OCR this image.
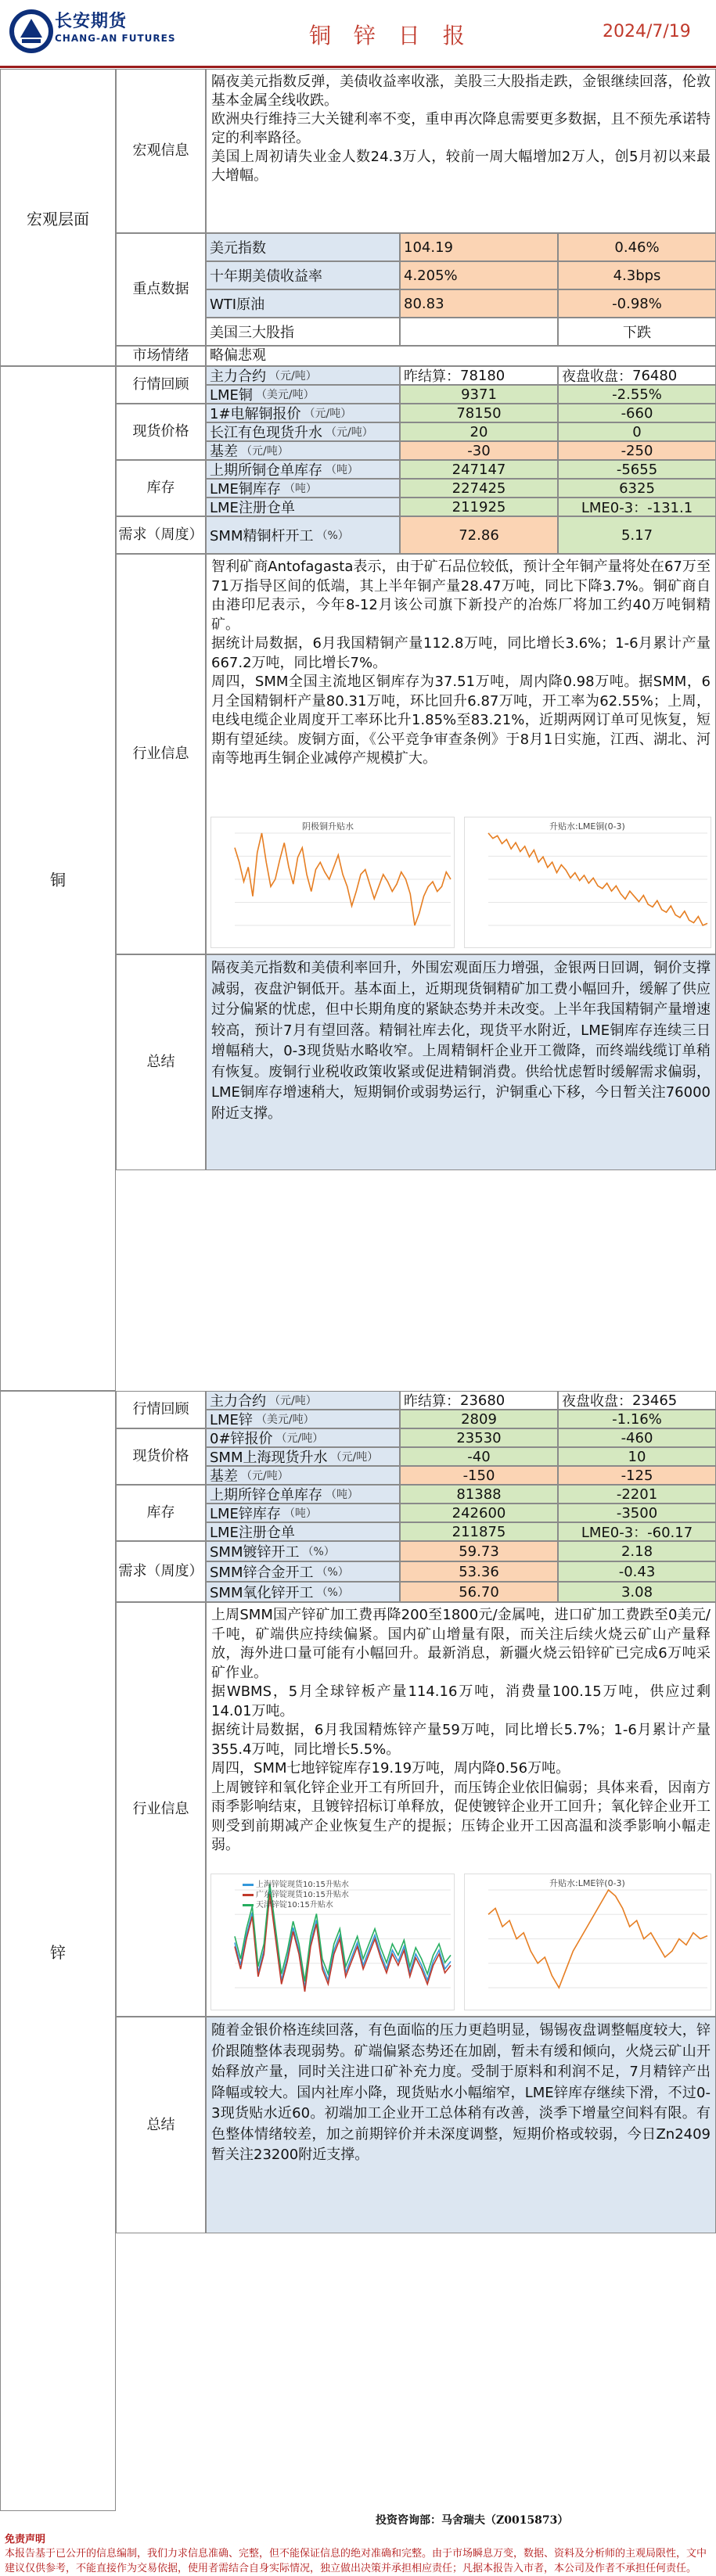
长安期货
CHANG-AN FUTURES	铜 锌 日 报	2024/7/19
宏观层面
宏观信息
隔夜美元指数反弹，美债收益率收涨，美股三大股指走跌，金银继续回落，伦敦基本金属全线收跌。
欧洲央行维持三大关键利率不变，重申再次降息需要更多数据，且不预先承诺特定的利率路径。
美国上周初请失业金人数24.3万人，较前一周大幅增加2万人，创5月初以来最大增幅。
重点数据
美元指数	104.19	0.46%
十年期美债收益率	4.205%	4.3bps
WTI原油	80.83	-0.98%
美国三大股指	下跌
市场情绪	略偏悲观
铜
行情回顾	主力合约 （元/吨）	昨结算： 78180	夜盘收盘： 76480
LME铜 （美元/吨）	9371	-2.55%
现货价格
1#电解铜报价 （元/吨）	78150	-660
长江有色现货升水 （元/吨）	20	0
基差 （元/吨）	-30	-250
库存
上期所铜仓单库存 （吨）	247147	-5655
LME铜库存 （吨）	227425	6325
LME注册仓单	211925	LME0-3：-131.1
需求（周度） SMM精铜杆开工 （%）	72.86	5.17
行业信息
智利矿商Antofagasta表示，由于矿石品位较低，预计全年铜产量将处在67万至71万指导区间的低端，其上半年铜产量28.47万吨，同比下降3.7%。铜矿商自由港印尼表示，今年8-12月该公司旗下新投产的冶炼厂将加工约40万吨铜精矿。
据统计局数据，6月我国精铜产量112.8万吨，同比增长3.6%；1-6月累计产量667.2万吨，同比增长7%。
周四，SMM全国主流地区铜库存为37.51万吨，周内降0.98万吨。据SMM，6月全国精铜杆产量80.31万吨，环比回升6.87万吨，开工率为62.55%；上周，电线电缆企业周度开工率环比升1.85%至83.21%，近期两网订单可见恢复，短期有望延续。废铜方面，《公平竞争审查条例》于8月1日实施，江西、湖北、河南等地再生铜企业减停产规模扩大。
阴极铜升贴水	升贴水:LME铜(0-3)
总结
隔夜美元指数和美债利率回升，外围宏观面压力增强，金银两日回调，铜价支撑减弱，夜盘沪铜低开。基本面上，近期现货铜精矿加工费小幅回升，缓解了供应过分偏紧的忧虑，但中长期角度的紧缺态势并未改变。上半年我国精铜产量增速较高，预计7月有望回落。精铜社库去化，现货平水附近，LME铜库存连续三日增幅稍大，0-3现货贴水略收窄。上周精铜杆企业开工微降，而终端线缆订单稍有恢复。废铜行业税收政策收紧或促进精铜消费。供给忧虑暂时缓解需求偏弱，LME铜库存增速稍大，短期铜价或弱势运行，沪铜重心下移，今日暂关注76000附近支撑。
锌
行情回顾	主力合约 （元/吨）	昨结算： 23680	夜盘收盘： 23465
LME锌 （美元/吨）	2809	-1.16%
现货价格
0#锌报价 （元/吨）	23530	-460
SMM上海现货升水 （元/吨）	-40	10
基差 （元/吨）	-150	-125
库存
上期所锌仓单库存 （吨）	81388	-2201
LME锌库存 （吨）	242600	-3500
LME注册仓单	211875	LME0-3：-60.17
需求（周度）
SMM镀锌开工 （%）	59.73	2.18
SMM锌合金开工 （%）	53.36	-0.43
SMM氧化锌开工 （%）	56.70	3.08
行业信息
上周SMM国产锌矿加工费再降200至1800元/金属吨，进口矿加工费跌至0美元/千吨，矿端供应持续偏紧。国内矿山增量有限，而关注后续火烧云矿山产量释放，海外进口量可能有小幅回升。最新消息，新疆火烧云铅锌矿已完成6万吨采矿作业。
据WBMS，5月全球锌板产量114.16万吨，消费量100.15万吨，供应过剩14.01万吨。
据统计局数据，6月我国精炼锌产量59万吨，同比增长5.7%；1-6月累计产量355.4万吨，同比增长5.5%。
周四，SMM七地锌锭库存19.19万吨，周内降0.56万吨。
上周镀锌和氧化锌企业开工有所回升，而压铸企业依旧偏弱；具体来看，因南方雨季影响结束，且镀锌招标订单释放，促使镀锌企业开工回升；氧化锌企业开工则受到前期减产企业恢复生产的提振；压铸企业开工因高温和淡季影响小幅走弱。
上海锌锭现货10:15升贴水
广东锌锭现货10:15升贴水
天津锌锭10:15升贴水
升贴水:LME锌(0-3)
总结
随着金银价格连续回落，有色面临的压力更趋明显，锡锡夜盘调整幅度较大，锌价跟随整体表现弱势。矿端偏紧态势还在加剧，暂未有缓和倾向，火烧云矿山开始释放产量，同时关注进口矿补充力度。受制于原料和利润不足，7月精锌产出降幅或较大。国内社库小降，现货贴水小幅缩窄，LME锌库存继续下滑，不过0-3现货贴水近60。初端加工企业开工总体稍有改善，淡季下增量空间料有限。有色整体情绪较差，加之前期锌价并未深度调整，短期价格或较弱，今日Zn2409暂关注23200附近支撑。
投资咨询部：马舍瑞夫（Z0015873）
免责声明
本报告基于已公开的信息编制，我们力求信息准确、完整，但不能保证信息的绝对准确和完整。由于市场瞬息万变，数据、资料及分析师的主观局限性，文中建议仅供参考，不能直接作为交易依据，使用者需结合自身实际情况，独立做出决策并承担相应责任；凡据本报告入市者，本公司及作者不承担任何责任。
